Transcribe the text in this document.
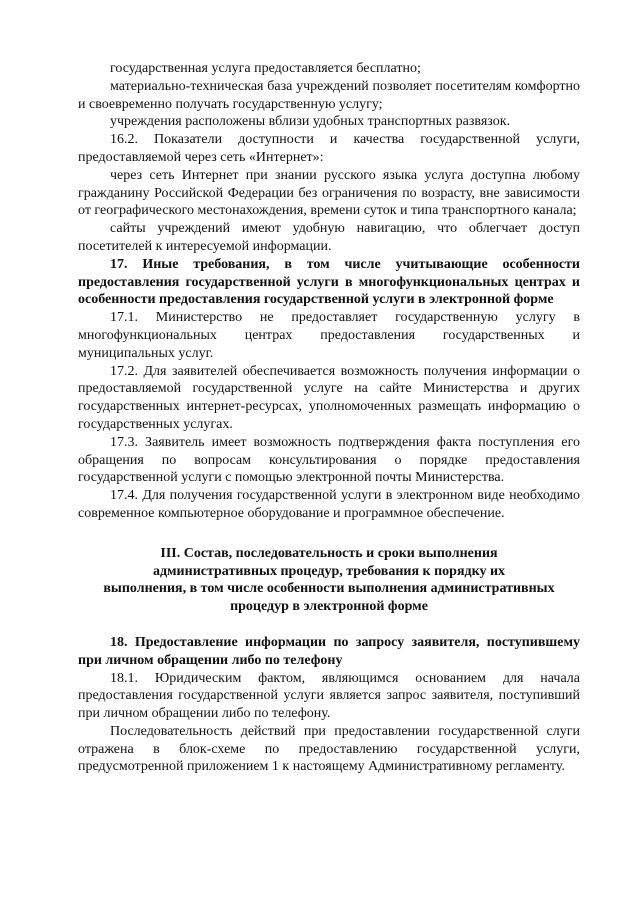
государственная услуга предоставляется бесплатно;

материально-техническая база учреждений позволяет посетителям комфортно и своевременно получать государственную услугу;

учреждения расположены вблизи удобных транспортных развязок.

16.2. Показатели доступности и качества государственной услуги, предоставляемой через сеть «Интернет»:

через сеть Интернет при знании русского языка услуга доступна любому гражданину Российской Федерации без ограничения по возрасту, вне зависимости от географического местонахождения, времени суток и типа транспортного канала;

сайты учреждений имеют удобную навигацию, что облегчает доступ посетителей к интересуемой информации.

17. Иные требования, в том числе учитывающие особенности предоставления государственной услуги в многофункциональных центрах и особенности предоставления государственной услуги в электронной форме

17.1. Министерство не предоставляет государственную услугу в многофункциональных центрах предоставления государственных и муниципальных услуг.

17.2. Для заявителей обеспечивается возможность получения информации о предоставляемой государственной услуге на сайте Министерства и других государственных интернет-ресурсах, уполномоченных размещать информацию о государственных услугах.

17.3. Заявитель имеет возможность подтверждения факта поступления его обращения по вопросам консультирования о порядке предоставления государственной услуги с помощью электронной почты Министерства.

17.4. Для получения государственной услуги в электронном виде необходимо современное компьютерное оборудование и программное обеспечение.

III. Состав, последовательность и сроки выполнения

административных процедур, требования к порядку их

выполнения, в том числе особенности выполнения административных

процедур в электронной форме

18. Предоставление информации по запросу заявителя, поступившему при личном обращении либо по телефону

18.1. Юридическим фактом, являющимся основанием для начала предоставления государственной услуги является запрос заявителя, поступивший при личном обращении либо по телефону.

Последовательность действий при предоставлении государственной слуги отражена в блок-схеме по предоставлению государственной услуги, предусмотренной приложением 1 к настоящему Административному регламенту.
